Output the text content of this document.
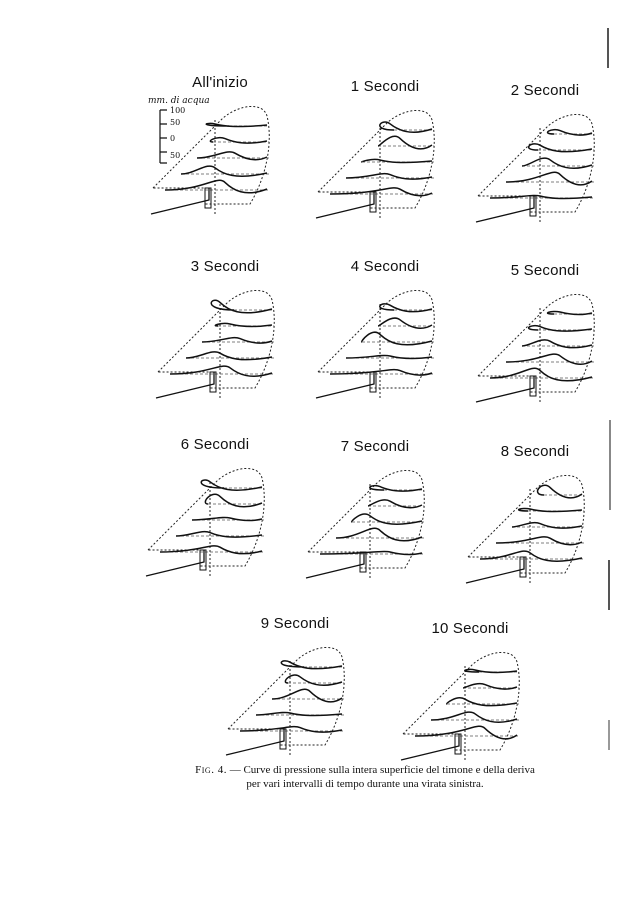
mm. di acqua
100
50
0
50
All'inizio	1 Secondi	2 Secondi
3 Secondi	4 Secondi	5 Secondi
6 Secondi	7 Secondi	8 Secondi
9 Secondi	10 Secondi
Fig. 4. — Curve di pressione sulla intera superficie del timone e della deriva
per vari intervalli di tempo durante una virata sinistra.
